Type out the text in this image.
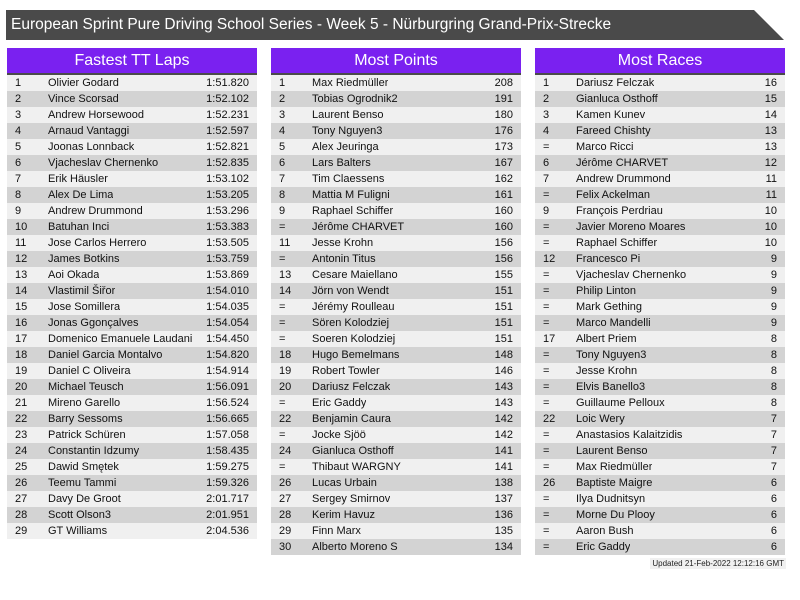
European Sprint Pure Driving School Series - Week 5 - Nürburgring Grand-Prix-Strecke
Fastest TT Laps
1 Olivier Godard	1:51.820
2 Vince Scorsad	1:52.102
3 Andrew Horsewood	1:52.231
4 Arnaud Vantaggi	1:52.597
5 Joonas Lonnback	1:52.821
6 Vjacheslav Chernenko	1:52.835
7 Erik Häusler	1:53.102
8 Alex De Lima	1:53.205
9 Andrew Drummond	1:53.296
10 Batuhan Inci	1:53.383
11 Jose Carlos Herrero	1:53.505
12 James Botkins	1:53.759
13 Aoi Okada	1:53.869
14 Vlastimil Šiřor	1:54.010
15 Jose Somillera	1:54.035
16 Jonas Ggonçalves	1:54.054
17 Domenico Emanuele Laudani 1:54.450
18 Daniel Garcia Montalvo	1:54.820
19 Daniel C Oliveira	1:54.914
20 Michael Teusch	1:56.091
21 Mireno Garello	1:56.524
22 Barry Sessoms	1:56.665
23 Patrick Schüren	1:57.058
24 Constantin Idzumy	1:58.435
25 Dawid Smętek	1:59.275
26 Teemu Tammi	1:59.326
27 Davy De Groot	2:01.717
28 Scott Olson3	2:01.951
29 GT Williams	2:04.536
Most Points
1 Max Riedmüller	208
2 Tobias Ogrodnik2	191
3 Laurent Benso	180
4 Tony Nguyen3	176
5 Alex Jeuringa	173
6 Lars Balters	167
7 Tim Claessens	162
8 Mattia M Fuligni	161
9 Raphael Schiffer	160
= Jérôme CHARVET	160
11 Jesse Krohn	156
= Antonin Titus	156
13 Cesare Maiellano	155
14 Jörn von Wendt	151
= Jérémy Roulleau	151
= Sören Kolodziej	151
= Soeren Kolodziej	151
18 Hugo Bemelmans	148
19 Robert Towler	146
20 Dariusz Felczak	143
= Eric Gaddy	143
22 Benjamin Caura	142
= Jocke Sjöö	142
24 Gianluca Osthoff	141
= Thibaut WARGNY	141
26 Lucas Urbain	138
27 Sergey Smirnov	137
28 Kerim Havuz	136
29 Finn Marx	135
30 Alberto Moreno S	134
Most Races
1 Dariusz Felczak	16
2 Gianluca Osthoff	15
3 Kamen Kunev	14
4 Fareed Chishty	13
= Marco Ricci	13
6 Jérôme CHARVET	12
7 Andrew Drummond	11
= Felix Ackelman	11
9 François Perdriau	10
= Javier Moreno Moares	10
= Raphael Schiffer	10
12 Francesco Pi	9
= Vjacheslav Chernenko	9
= Philip Linton	9
= Mark Gething	9
= Marco Mandelli	9
17 Albert Priem	8
= Tony Nguyen3	8
= Jesse Krohn	8
= Elvis Banello3	8
= Guillaume Pelloux	8
22 Loic Wery	7
= Anastasios Kalaitzidis	7
= Laurent Benso	7
= Max Riedmüller	7
26 Baptiste Maigre	6
= Ilya Dudnitsyn	6
= Morne Du Plooy	6
= Aaron Bush	6
= Eric Gaddy	6
Updated 21-Feb-2022 12:12:16 GMT
